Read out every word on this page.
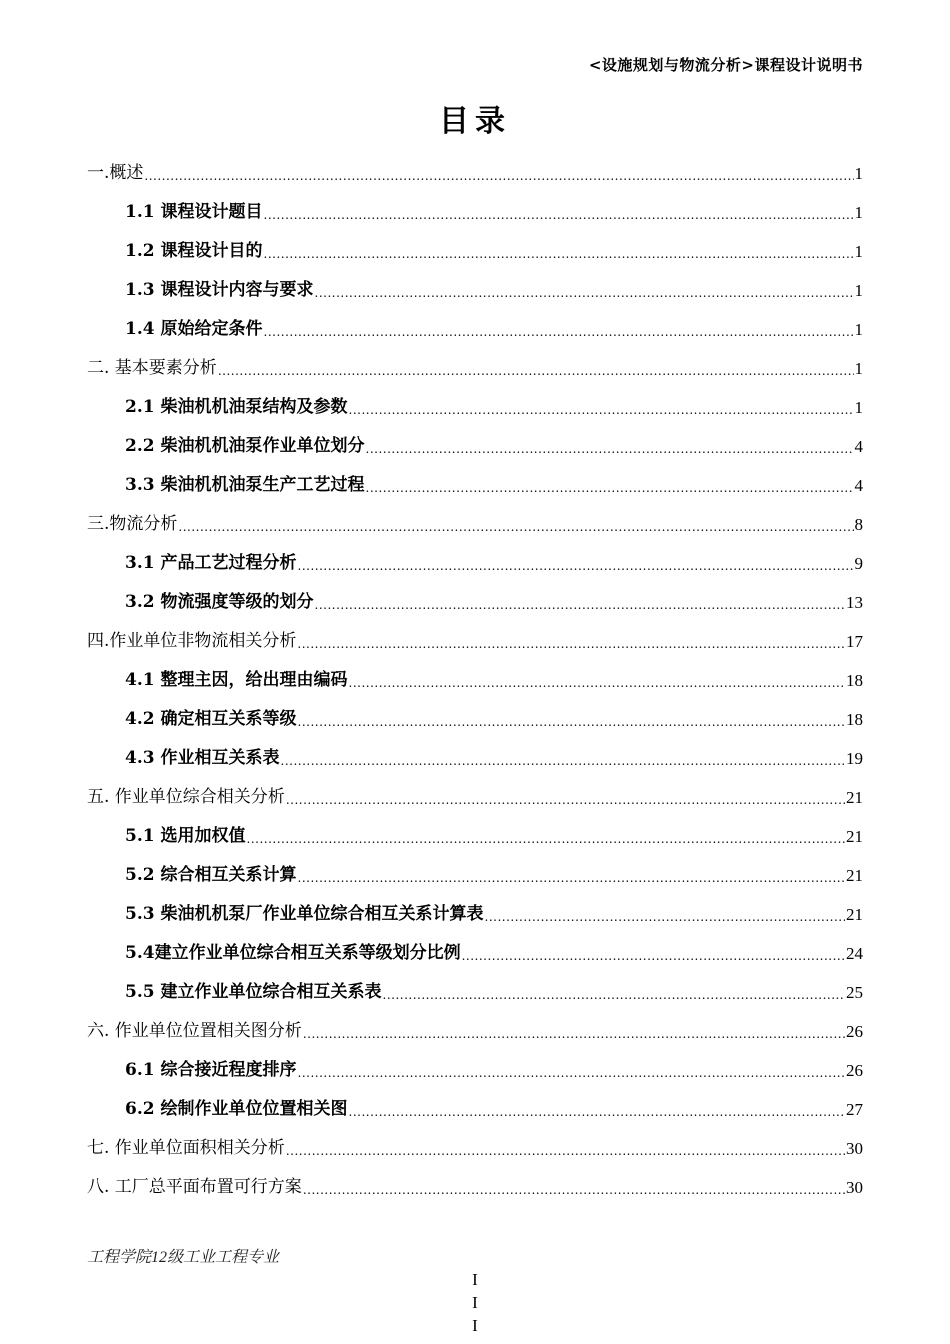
<设施规划与物流分析>课程设计说明书
目录
一.概述 .....	1
1.1 课程设计题目 .....	1
1.2 课程设计目的 .....	1
1.3 课程设计内容与要求 .....	1
1.4 原始给定条件 .....	1
二. 基本要素分析 .....	1
2.1 柴油机机油泵结构及参数 .....	1
2.2 柴油机机油泵作业单位划分 .....	4
3.3 柴油机机油泵生产工艺过程 .....	4
三.物流分析 .....	8
3.1 产品工艺过程分析 .....	9
3.2 物流强度等级的划分 .....	13
四.作业单位非物流相关分析 .....	17
4.1 整理主因，给出理由编码 .....	18
4.2 确定相互关系等级 .....	18
4.3 作业相互关系表 .....	19
五. 作业单位综合相关分析 .....	21
5.1 选用加权值 .....	21
5.2 综合相互关系计算 .....	21
5.3 柴油机机泵厂作业单位综合相互关系计算表 .....	21
5.4建立作业单位综合相互关系等级划分比例 .....	24
5.5 建立作业单位综合相互关系表 .....	25
六. 作业单位位置相关图分析 .....	26
6.1 综合接近程度排序 .....	26
6.2 绘制作业单位位置相关图 .....	27
七. 作业单位面积相关分析 .....	30
八. 工厂总平面布置可行方案 .....	30
工程学院12级工业工程专业
I
I
I
